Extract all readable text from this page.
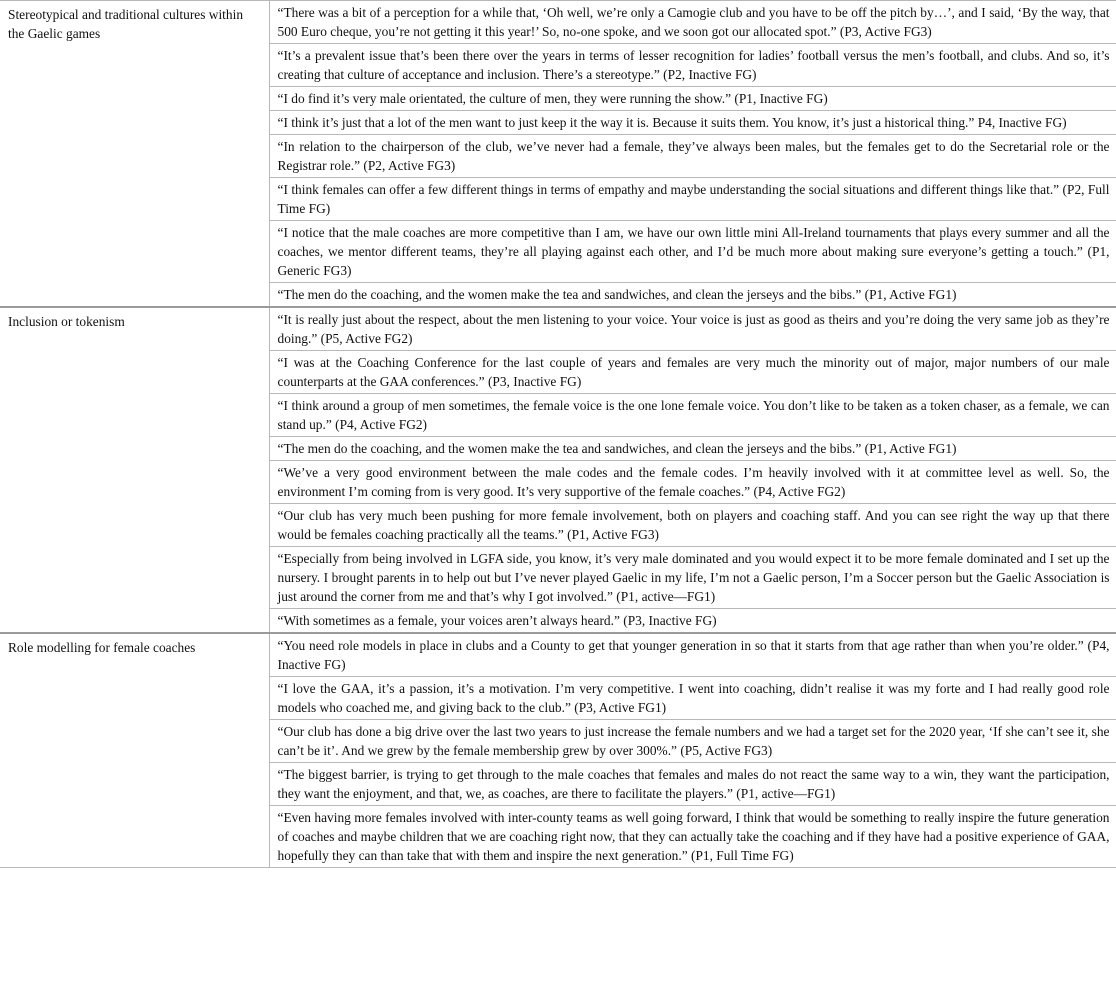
Stereotypical and traditional cultures within the Gaelic games	“There was a bit of a perception for a while that, ‘Oh well, we’re only a Camogie club and you have to be off the pitch by…’, and I said, ‘By the way, that 500 Euro cheque, you’re not getting it this year!’ So, no-one spoke, and we soon got our allocated spot.” (P3, Active FG3)
	“It’s a prevalent issue that’s been there over the years in terms of lesser recognition for ladies’ football versus the men’s football, and clubs. And so, it’s creating that culture of acceptance and inclusion. There’s a stereotype.” (P2, Inactive FG)
	“I do find it’s very male orientated, the culture of men, they were running the show.” (P1, Inactive FG)
	“I think it’s just that a lot of the men want to just keep it the way it is. Because it suits them. You know, it’s just a historical thing.” P4, Inactive FG)
	“In relation to the chairperson of the club, we’ve never had a female, they’ve always been males, but the females get to do the Secretarial role or the Registrar role.” (P2, Active FG3)
	“I think females can offer a few different things in terms of empathy and maybe understanding the social situations and different things like that.” (P2, Full Time FG)
	“I notice that the male coaches are more competitive than I am, we have our own little mini All-Ireland tournaments that plays every summer and all the coaches, we mentor different teams, they’re all playing against each other, and I’d be much more about making sure everyone’s getting a touch.” (P1, Generic FG3)
	“The men do the coaching, and the women make the tea and sandwiches, and clean the jerseys and the bibs.” (P1, Active FG1)
Inclusion or tokenism	“It is really just about the respect, about the men listening to your voice. Your voice is just as good as theirs and you’re doing the very same job as they’re doing.” (P5, Active FG2)
	“I was at the Coaching Conference for the last couple of years and females are very much the minority out of major, major numbers of our male counterparts at the GAA conferences.” (P3, Inactive FG)
	“I think around a group of men sometimes, the female voice is the one lone female voice. You don’t like to be taken as a token chaser, as a female, we can stand up.” (P4, Active FG2)
	“The men do the coaching, and the women make the tea and sandwiches, and clean the jerseys and the bibs.” (P1, Active FG1)
	“We’ve a very good environment between the male codes and the female codes. I’m heavily involved with it at committee level as well. So, the environment I’m coming from is very good. It’s very supportive of the female coaches.” (P4, Active FG2)
	“Our club has very much been pushing for more female involvement, both on players and coaching staff. And you can see right the way up that there would be females coaching practically all the teams.” (P1, Active FG3)
	“Especially from being involved in LGFA side, you know, it’s very male dominated and you would expect it to be more female dominated and I set up the nursery. I brought parents in to help out but I’ve never played Gaelic in my life, I’m not a Gaelic person, I’m a Soccer person but the Gaelic Association is just around the corner from me and that’s why I got involved.” (P1, active—FG1)
	“With sometimes as a female, your voices aren’t always heard.” (P3, Inactive FG)
Role modelling for female coaches	“You need role models in place in clubs and a County to get that younger generation in so that it starts from that age rather than when you’re older.” (P4, Inactive FG)
	“I love the GAA, it’s a passion, it’s a motivation. I’m very competitive. I went into coaching, didn’t realise it was my forte and I had really good role models who coached me, and giving back to the club.” (P3, Active FG1)
	“Our club has done a big drive over the last two years to just increase the female numbers and we had a target set for the 2020 year, ‘If she can’t see it, she can’t be it’. And we grew by the female membership grew by over 300%.” (P5, Active FG3)
	“The biggest barrier, is trying to get through to the male coaches that females and males do not react the same way to a win, they want the participation, they want the enjoyment, and that, we, as coaches, are there to facilitate the players.” (P1, active—FG1)
	“Even having more females involved with inter-county teams as well going forward, I think that would be something to really inspire the future generation of coaches and maybe children that we are coaching right now, that they can actually take the coaching and if they have had a positive experience of GAA, hopefully they can than take that with them and inspire the next generation.” (P1, Full Time FG)
